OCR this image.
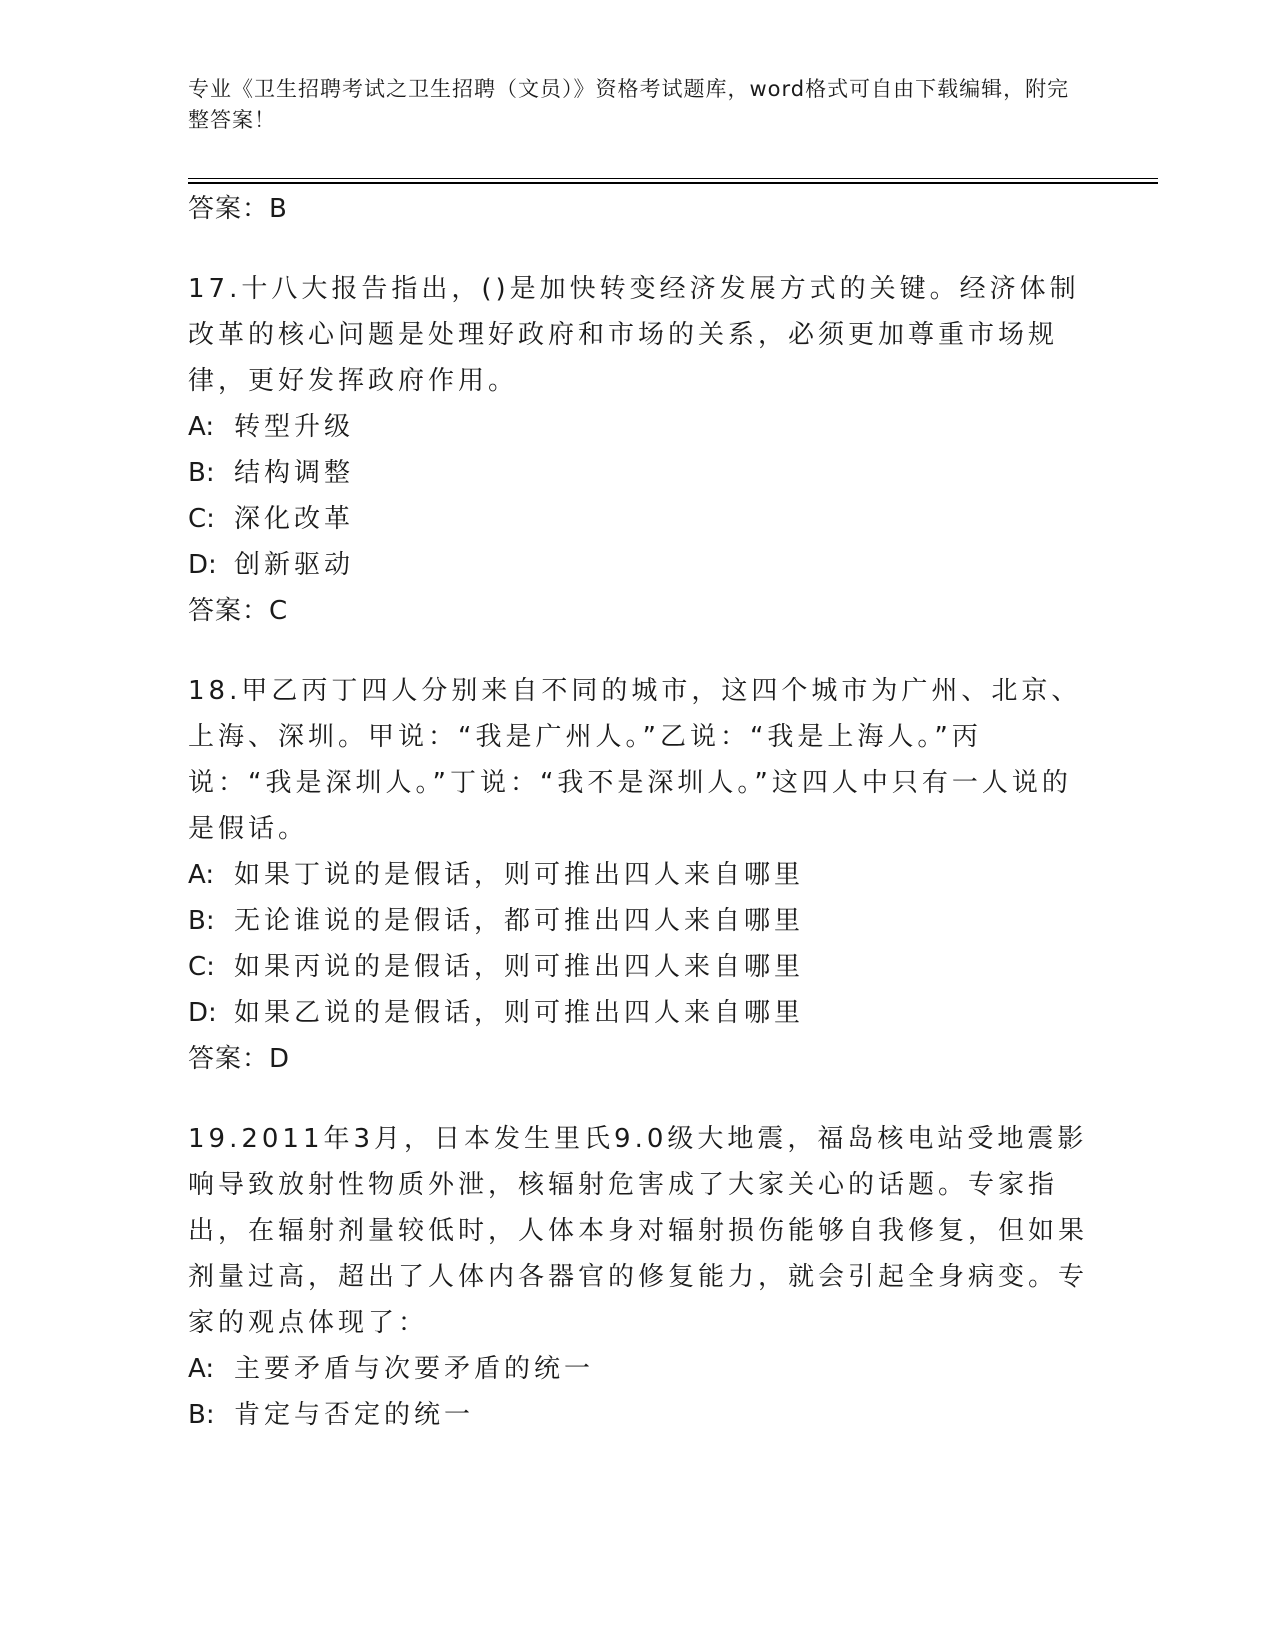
专业《卫生招聘考试之卫生招聘（文员）》资格考试题库，word格式可自由下载编辑，附完整答案！

答案：B

17.十八大报告指出，()是加快转变经济发展方式的关键。经济体制改革的核心问题是处理好政府和市场的关系，必须更加尊重市场规律，更好发挥政府作用。

A: 转型升级
B: 结构调整
C: 深化改革
D: 创新驱动

答案：C

18.甲乙丙丁四人分别来自不同的城市，这四个城市为广州、北京、上海、深圳。甲说：“我是广州人。”乙说：“我是上海人。”丙说：“我是深圳人。”丁说：“我不是深圳人。”这四人中只有一人说的是假话。

A: 如果丁说的是假话，则可推出四人来自哪里
B: 无论谁说的是假话，都可推出四人来自哪里
C: 如果丙说的是假话，则可推出四人来自哪里
D: 如果乙说的是假话，则可推出四人来自哪里

答案：D

19.2011年3月，日本发生里氏9.0级大地震，福岛核电站受地震影响导致放射性物质外泄，核辐射危害成了大家关心的话题。专家指出，在辐射剂量较低时，人体本身对辐射损伤能够自我修复，但如果剂量过高，超出了人体内各器官的修复能力，就会引起全身病变。专家的观点体现了：

A: 主要矛盾与次要矛盾的统一
B: 肯定与否定的统一
